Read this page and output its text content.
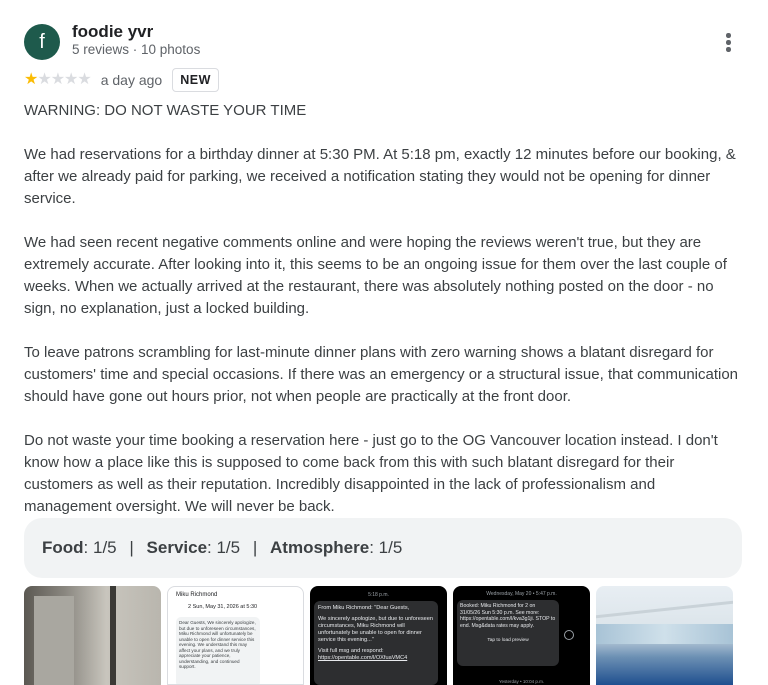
f	foodie yvr
5 reviews · 10 photos
★ ★ ★ ★ ★ a day ago	NEW

WARNING: DO NOT WASTE YOUR TIME

We had reservations for a birthday dinner at 5:30 PM. At 5:18 pm, exactly 12 minutes before our booking, & after we already paid for parking, we received a notification stating they would not be opening for dinner service.

We had seen recent negative comments online and were hoping the reviews weren't true, but they are extremely accurate. After looking into it, this seems to be an ongoing issue for them over the last couple of weeks. When we actually arrived at the restaurant, there was absolutely nothing posted on the door - no sign, no explanation, just a locked building.

To leave patrons scrambling for last-minute dinner plans with zero warning shows a blatant disregard for customers' time and special occasions. If there was an emergency or a structural issue, that communication should have gone out hours prior, not when people are practically at the front door.

Do not waste your time booking a reservation here - just go to the OG Vancouver location instead. I don't know how a place like this is supposed to come back from this with such blatant disregard for their customers as well as their reputation. Incredibly disappointed in the lack of professionalism and management oversight. We will never be back.

Food: 1/5 | Service: 1/5 | Atmosphere: 1/5
Miku Richmond
2 Sun, May 31, 2026 at 5:30
Dear Guests, We sincerely apologize, but due to unforeseen circumstances, Miku Richmond will unfortunately be unable to open for dinner service this evening. We understand this may affect your plans, and we truly appreciate your patience, understanding, and continued support.
5:18 p.m.
From Miku Richmond: "Dear Guests,
We sincerely apologize, but due to unforeseen circumstances, Miku Richmond will unfortunately be unable to open for dinner service this evening..."
Visit full msg and respond:
https://opentable.com/l/OXfuaVMC4
Wednesday, May 20 • 5:47 p.m.
Booked: Miku Richmond for 2 on 31/05/26 Sun 5:30 p.m. See more: https://opentable.com/l/kva3g1ji. STOP to end. Msg&data rates may apply.
Tap to load preview
Yesterday • 10:04 p.m.
